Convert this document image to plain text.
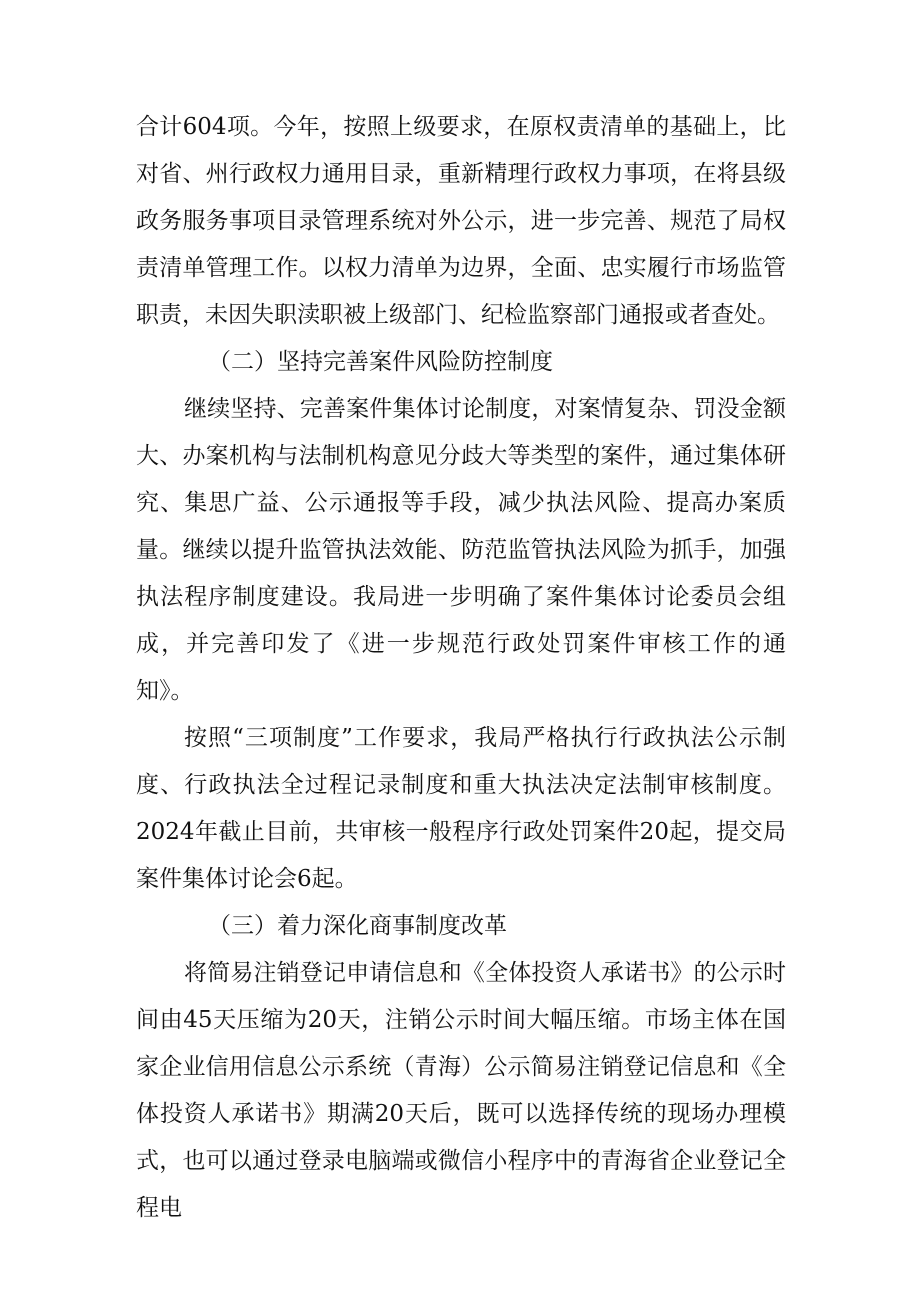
合计604项。今年，按照上级要求，在原权责清单的基础上，比对省、州行政权力通用目录，重新精理行政权力事项，在将县级政务服务事项目录管理系统对外公示，进一步完善、规范了局权责清单管理工作。以权力清单为边界，全面、忠实履行市场监管职责，未因失职渎职被上级部门、纪检监察部门通报或者查处。

（二）坚持完善案件风险防控制度

继续坚持、完善案件集体讨论制度，对案情复杂、罚没金额大、办案机构与法制机构意见分歧大等类型的案件，通过集体研究、集思广益、公示通报等手段，减少执法风险、提高办案质量。继续以提升监管执法效能、防范监管执法风险为抓手，加强执法程序制度建设。我局进一步明确了案件集体讨论委员会组成，并完善印发了《进一步规范行政处罚案件审核工作的通知》。

按照“三项制度”工作要求，我局严格执行行政执法公示制度、行政执法全过程记录制度和重大执法决定法制审核制度。2024年截止目前，共审核一般程序行政处罚案件20起，提交局案件集体讨论会6起。

（三）着力深化商事制度改革

将简易注销登记申请信息和《全体投资人承诺书》的公示时间由45天压缩为20天，注销公示时间大幅压缩。市场主体在国家企业信用信息公示系统（青海）公示简易注销登记信息和《全体投资人承诺书》期满20天后，既可以选择传统的现场办理模式，也可以通过登录电脑端或微信小程序中的青海省企业登记全程电
